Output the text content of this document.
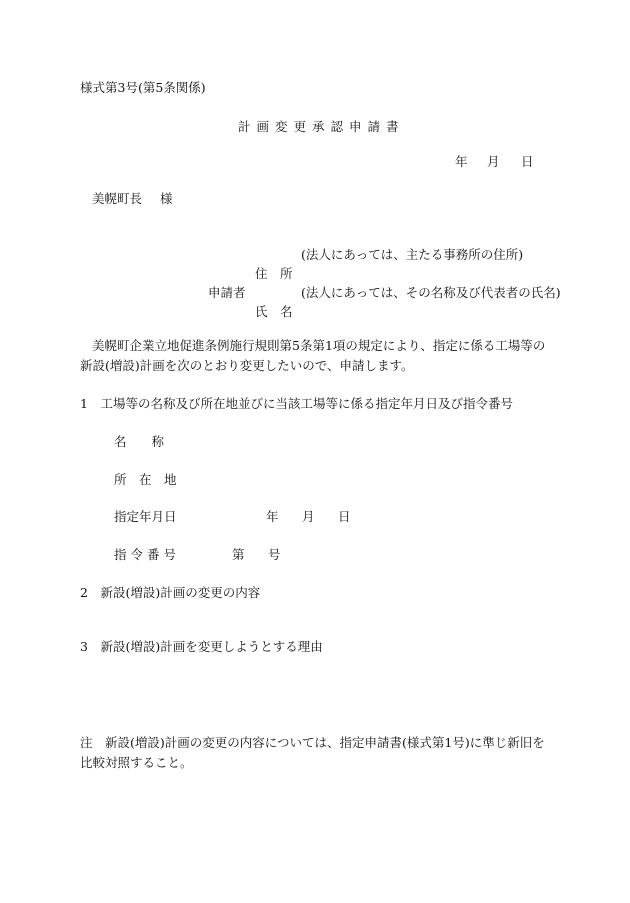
様式第3号(第5条関係)
計画変更承認申請書
年 月 日
美幌町長 様
(法人にあっては、主たる事務所の住所)
住　所
申請者	(法人にあっては、その名称及び代表者の氏名)
氏　名

美幌町企業立地促進条例施行規則第5条第1項の規定により、指定に係る工場等の新設(増設)計画を次のとおり変更したいので、申請します。

1　工場等の名称及び所在地並びに当該工場等に係る指定年月日及び指令番号
名　　称
所　在　地
指定年月日	年 月 日
指令番号	第 号
2　新設(増設)計画の変更の内容
3　新設(増設)計画を変更しようとする理由

注　新設(増設)計画の変更の内容については、指定申請書(様式第1号)に準じ新旧を比較対照すること。
